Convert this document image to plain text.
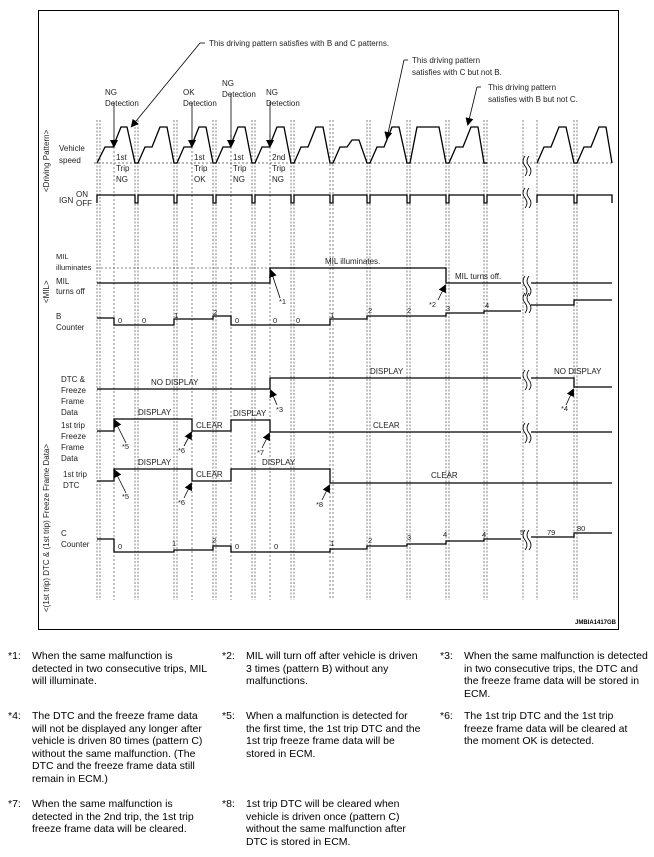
<Driving Pattern>
<MIL>
<(1st trip) DTC & (1st trip) Freeze Frame Data>
Vehicle
speed
IGN
ON
OFF
MIL
illuminates
MIL
turns off
B
Counter
DTC &
Freeze
Frame
Data
1st trip
Freeze
Frame
Data
1st trip
DTC
C
Counter
This driving pattern satisfies with B and C patterns.
This driving pattern
satisfies with C but not B.
This driving pattern
satisfies with B but not C.
NG
Detection
OK
Detection
NG
Detection NG
Detection
1st
Trip
NG
1st
Trip
OK
1st
Trip
NG
2nd
Trip
NG
MIL illuminates.
MIL turns off.
NO DISPLAY
DISPLAY	NO DISPLAY
DISPLAY
CLEAR
DISPLAY
CLEAR
DISPLAY
CLEAR
DISPLAY
CLEAR
0	0
1	2
0	0	0
1
2	2	3	4
0	1	2
0	0	1	2	3	4	4	5	79	80
*1	*2
*3	*4
*5	*6	*7
*5
*6	*8
JMBIA1417GB
*1:	When the same malfunction is detected in two consecutive trips, MIL will illuminate.
*2:	MIL will turn off after vehicle is driven 3 times (pattern B) without any malfunctions.
*3:	When the same malfunction is detected in two consecutive trips, the DTC and the freeze frame data will be stored in ECM.
*4:	The DTC and the freeze frame data will not be displayed any longer after vehicle is driven 80 times (pattern C) without the same malfunction. (The DTC and the freeze frame data still remain in ECM.)
*5:	When a malfunction is detected for the first time, the 1st trip DTC and the 1st trip freeze frame data will be stored in ECM.
*6:	The 1st trip DTC and the 1st trip freeze frame data will be cleared at the moment OK is detected.
*7:	When the same malfunction is detected in the 2nd trip, the 1st trip freeze frame data will be cleared.
*8:	1st trip DTC will be cleared when vehicle is driven once (pattern C) without the same malfunction after DTC is stored in ECM.
